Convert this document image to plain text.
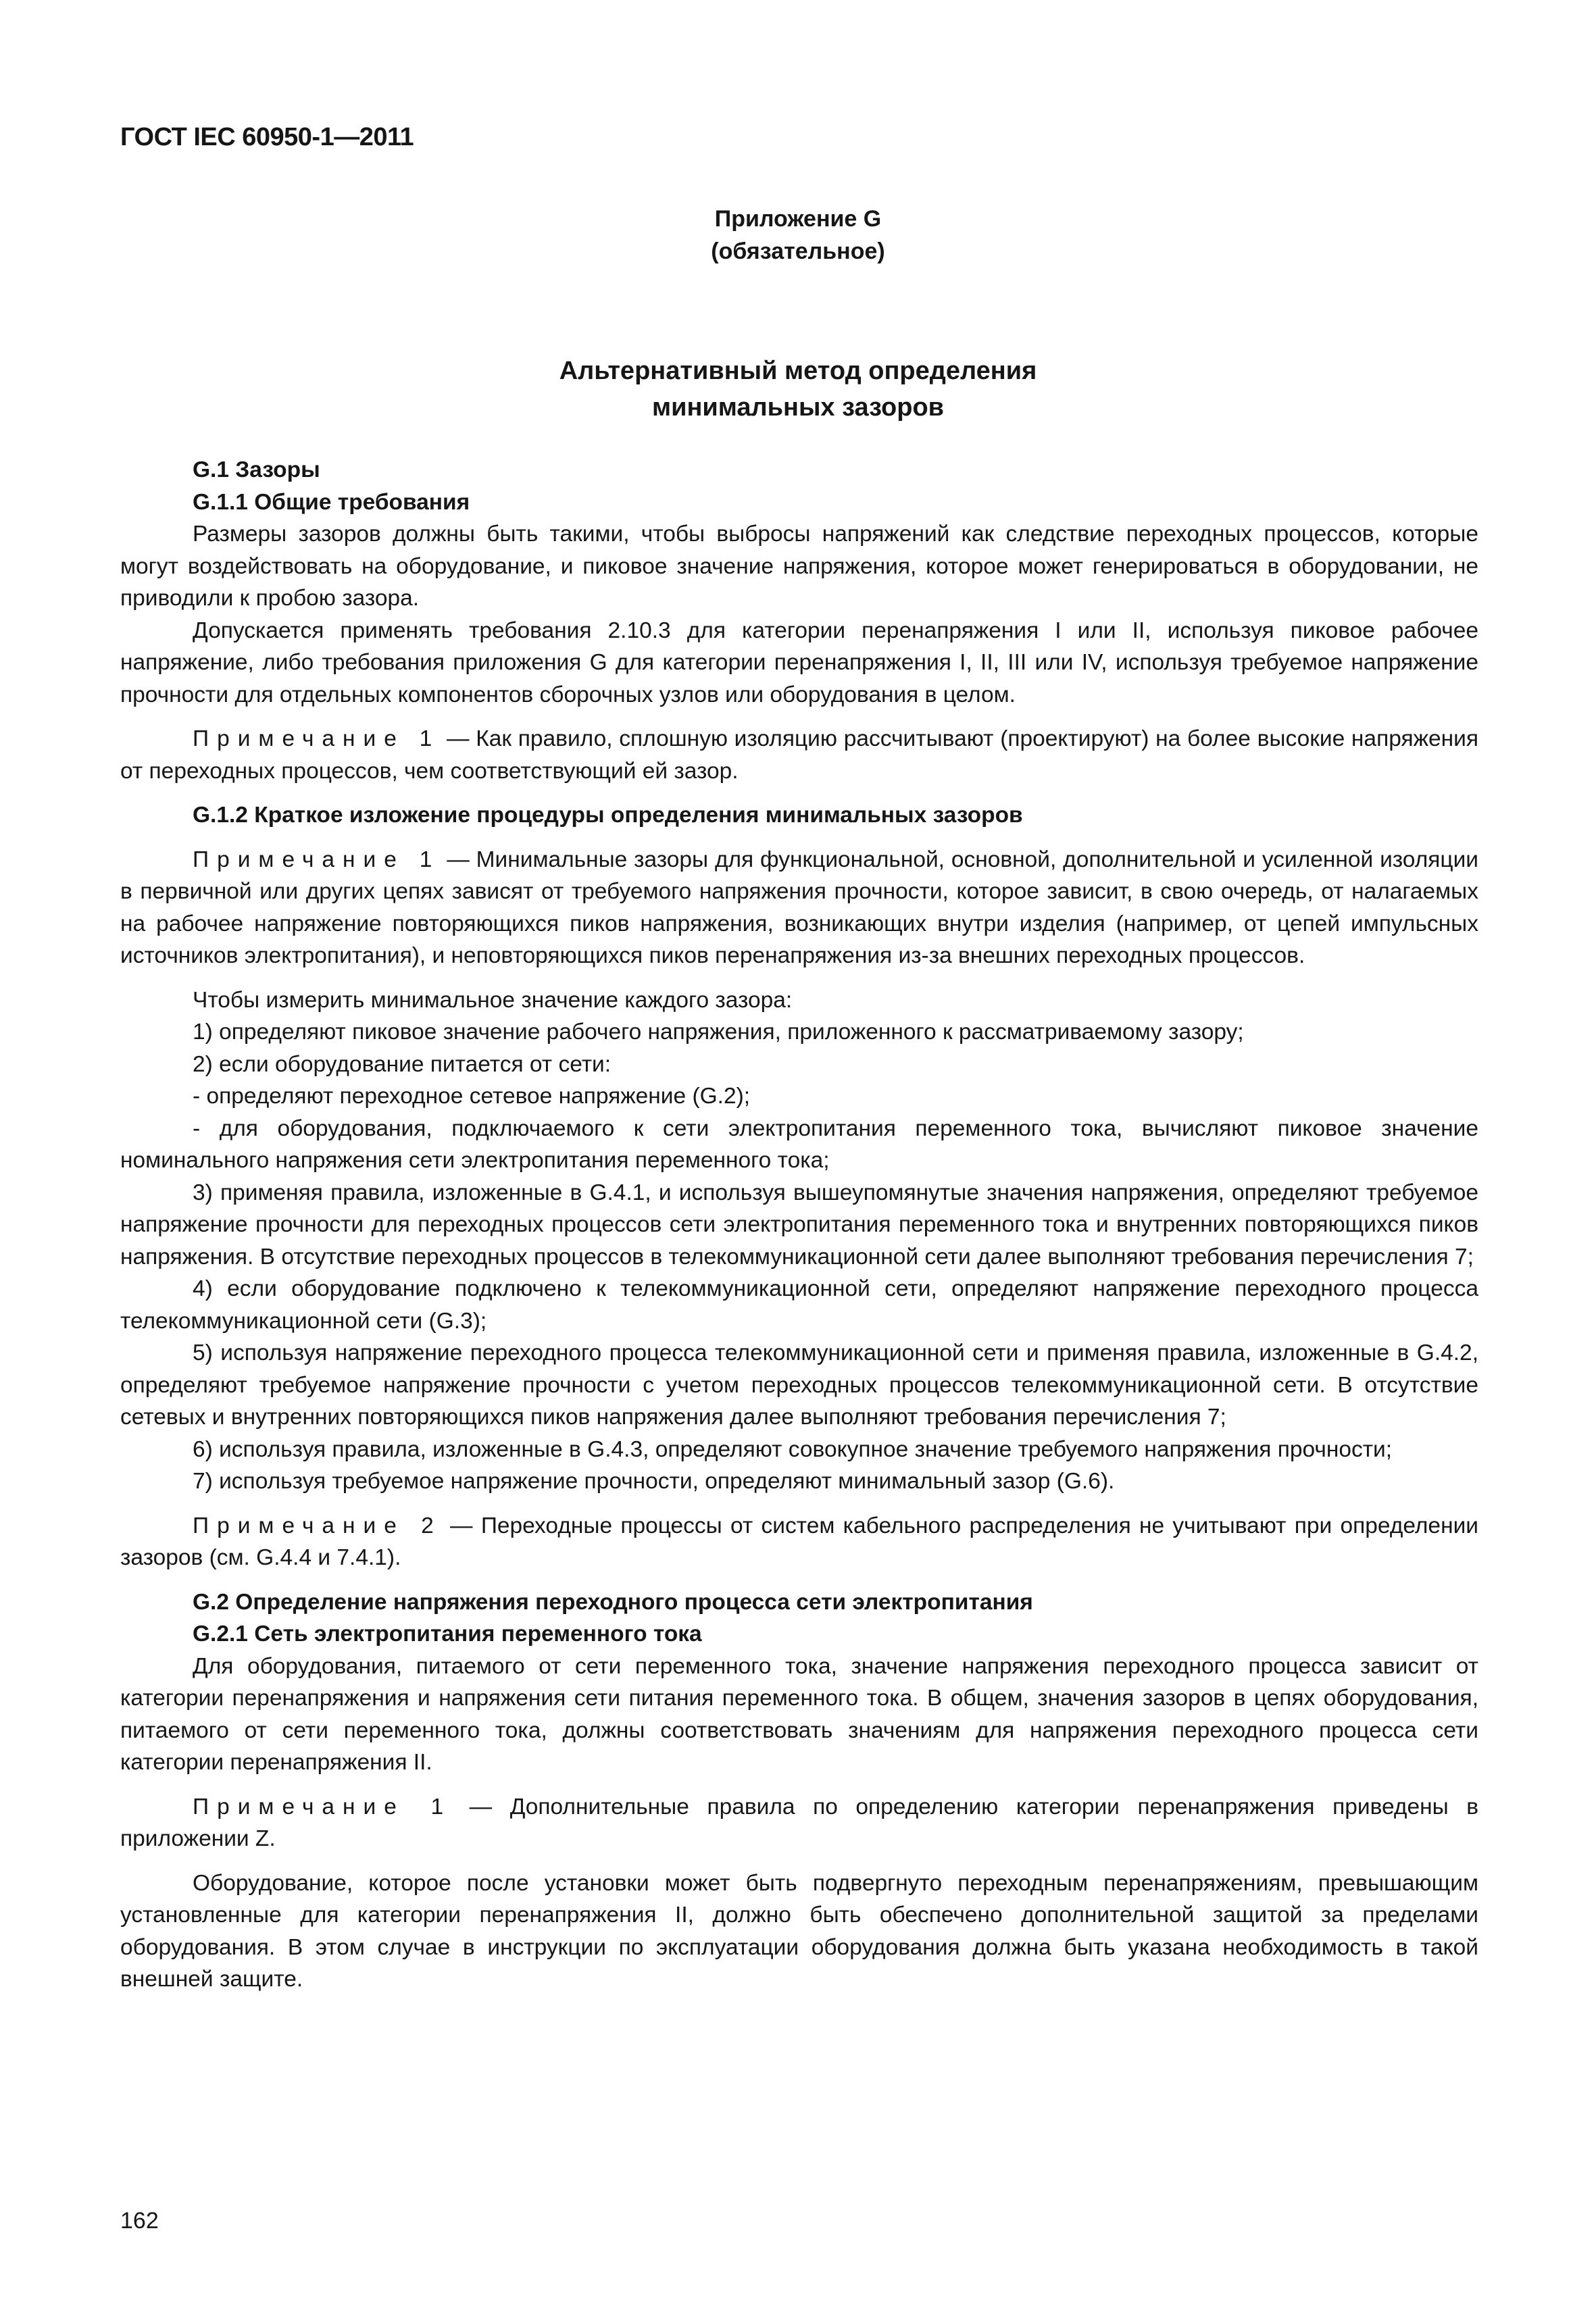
ГОСТ IEC 60950-1—2011
Приложение G
(обязательное)
Альтернативный метод определения
минимальных зазоров

G.1 Зазоры

G.1.1 Общие требования

Размеры зазоров должны быть такими, чтобы выбросы напряжений как следствие переходных процессов, которые могут воздействовать на оборудование, и пиковое значение напряжения, которое может генерироваться в оборудовании, не приводили к пробою зазора.

Допускается применять требования 2.10.3 для категории перенапряжения I или II, используя пиковое рабочее напряжение, либо требования приложения G для категории перенапряжения I, II, III или IV, используя требуемое напряжение прочности для отдельных компонентов сборочных узлов или оборудования в целом.

Примечание 1 — Как правило, сплошную изоляцию рассчитывают (проектируют) на более высокие напряжения от переходных процессов, чем соответствующий ей зазор.

G.1.2 Краткое изложение процедуры определения минимальных зазоров

Примечание 1 — Минимальные зазоры для функциональной, основной, дополнительной и усиленной изоляции в первичной или других цепях зависят от требуемого напряжения прочности, которое зависит, в свою очередь, от налагаемых на рабочее напряжение повторяющихся пиков напряжения, возникающих внутри изделия (например, от цепей импульсных источников электропитания), и неповторяющихся пиков перенапряжения из-за внешних переходных процессов.

Чтобы измерить минимальное значение каждого зазора:

1) определяют пиковое значение рабочего напряжения, приложенного к рассматриваемому зазору;

2) если оборудование питается от сети:

- определяют переходное сетевое напряжение (G.2);

- для оборудования, подключаемого к сети электропитания переменного тока, вычисляют пиковое значение номинального напряжения сети электропитания переменного тока;

3) применяя правила, изложенные в G.4.1, и используя вышеупомянутые значения напряжения, определяют требуемое напряжение прочности для переходных процессов сети электропитания переменного тока и внутренних повторяющихся пиков напряжения. В отсутствие переходных процессов в телекоммуникационной сети далее выполняют требования перечисления 7;

4) если оборудование подключено к телекоммуникационной сети, определяют напряжение переходного процесса телекоммуникационной сети (G.3);

5) используя напряжение переходного процесса телекоммуникационной сети и применяя правила, изложенные в G.4.2, определяют требуемое напряжение прочности с учетом переходных процессов телекоммуникационной сети. В отсутствие сетевых и внутренних повторяющихся пиков напряжения далее выполняют требования перечисления 7;

6) используя правила, изложенные в G.4.3, определяют совокупное значение требуемого напряжения прочности;

7) используя требуемое напряжение прочности, определяют минимальный зазор (G.6).

Примечание 2 — Переходные процессы от систем кабельного распределения не учитывают при определении зазоров (см. G.4.4 и 7.4.1).

G.2 Определение напряжения переходного процесса сети электропитания

G.2.1 Сеть электропитания переменного тока

Для оборудования, питаемого от сети переменного тока, значение напряжения переходного процесса зависит от категории перенапряжения и напряжения сети питания переменного тока. В общем, значения зазоров в цепях оборудования, питаемого от сети переменного тока, должны соответствовать значениям для напряжения переходного процесса сети категории перенапряжения II.

Примечание 1 — Дополнительные правила по определению категории перенапряжения приведены в приложении Z.

Оборудование, которое после установки может быть подвергнуто переходным перенапряжениям, превышающим установленные для категории перенапряжения II, должно быть обеспечено дополнительной защитой за пределами оборудования. В этом случае в инструкции по эксплуатации оборудования должна быть указана необходимость в такой внешней защите.

162
